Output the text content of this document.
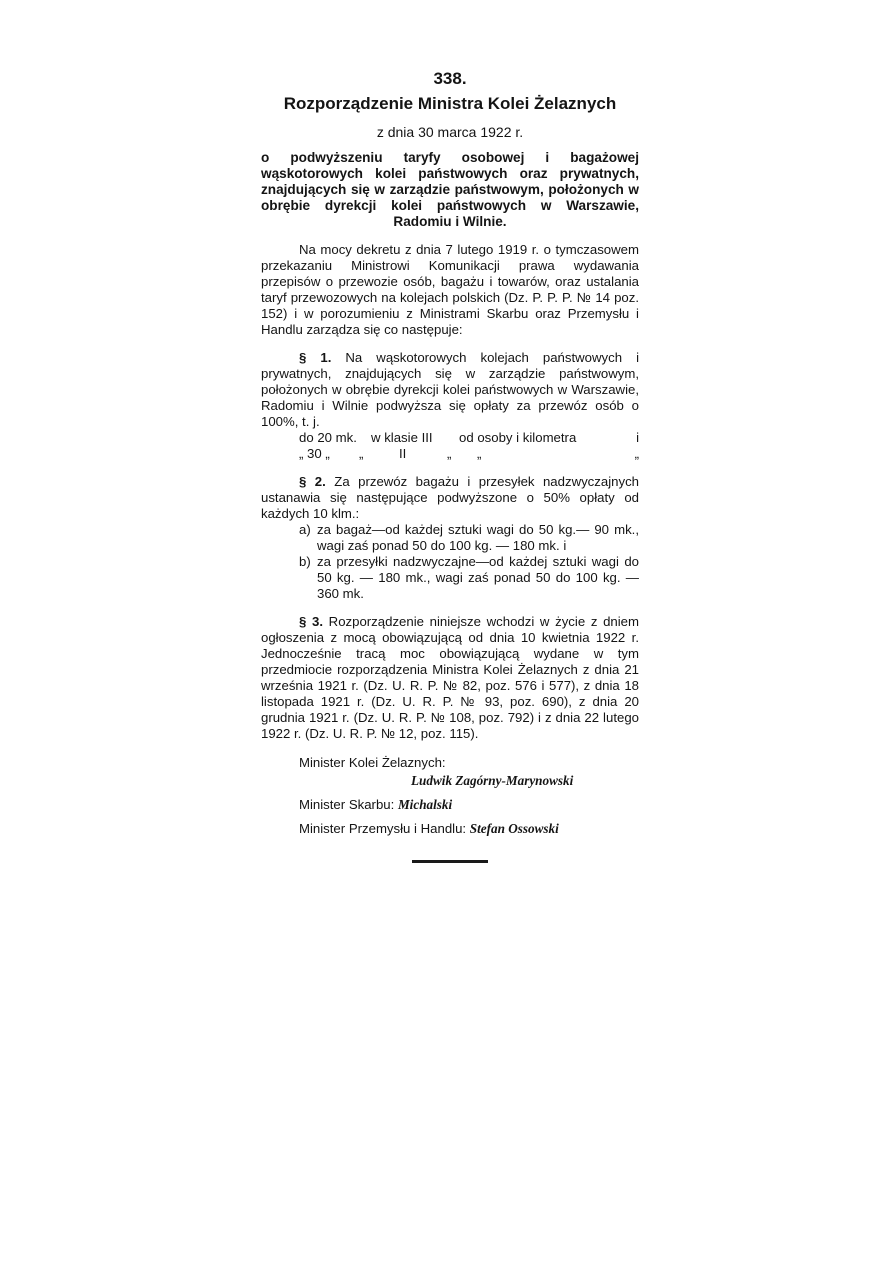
338.
Rozporządzenie Ministra Kolei Żelaznych
z dnia 30 marca 1922 r.
o podwyższeniu taryfy osobowej i bagażowej wąskotorowych kolei państwowych oraz prywatnych, znajdujących się w zarządzie państwowym, położonych w obrębie dyrekcji kolei państwowych w Warszawie, Radomiu i Wilnie.
Na mocy dekretu z dnia 7 lutego 1919 r. o tymczasowem przekazaniu Ministrowi Komunikacji prawa wydawania przepisów o przewozie osób, bagażu i towarów, oraz ustalania taryf przewozowych na kolejach polskich (Dz. P. P. P. № 14 poz. 152) i w porozumieniu z Ministrami Skarbu oraz Przemysłu i Handlu zarządza się co następuje:
§ 1. Na wąskotorowych kolejach państwowych i prywatnych, znajdujących się w zarządzie państwowym, położonych w obrębie dyrekcji kolei państwowych w Warszawie, Radomiu i Wilnie podwyższa się opłaty za przewóz osób o 100%, t. j.
do 20 mk.	w klasie III	od osoby i kilometra	i
„ 30 „	„	II	„	„	„
§ 2. Za przewóz bagażu i przesyłek nadzwyczajnych ustanawia się następujące podwyższone o 50% opłaty od każdych 10 klm.:
a) za bagaż—od każdej sztuki wagi do 50 kg.— 90 mk., wagi zaś ponad 50 do 100 kg. — 180 mk. i
b) za przesyłki nadzwyczajne—od każdej sztuki wagi do 50 kg. — 180 mk., wagi zaś ponad 50 do 100 kg. — 360 mk.
§ 3. Rozporządzenie niniejsze wchodzi w życie z dniem ogłoszenia z mocą obowiązującą od dnia 10 kwietnia 1922 r. Jednocześnie tracą moc obowiązującą wydane w tym przedmiocie rozporządzenia Ministra Kolei Żelaznych z dnia 21 września 1921 r. (Dz. U. R. P. № 82, poz. 576 i 577), z dnia 18 listopada 1921 r. (Dz. U. R. P. № 93, poz. 690), z dnia 20 grudnia 1921 r. (Dz. U. R. P. № 108, poz. 792) i z dnia 22 lutego 1922 r. (Dz. U. R. P. № 12, poz. 115).
Minister Kolei Żelaznych:
Ludwik Zagórny-Marynowski
Minister Skarbu: Michalski
Minister Przemysłu i Handlu: Stefan Ossowski
